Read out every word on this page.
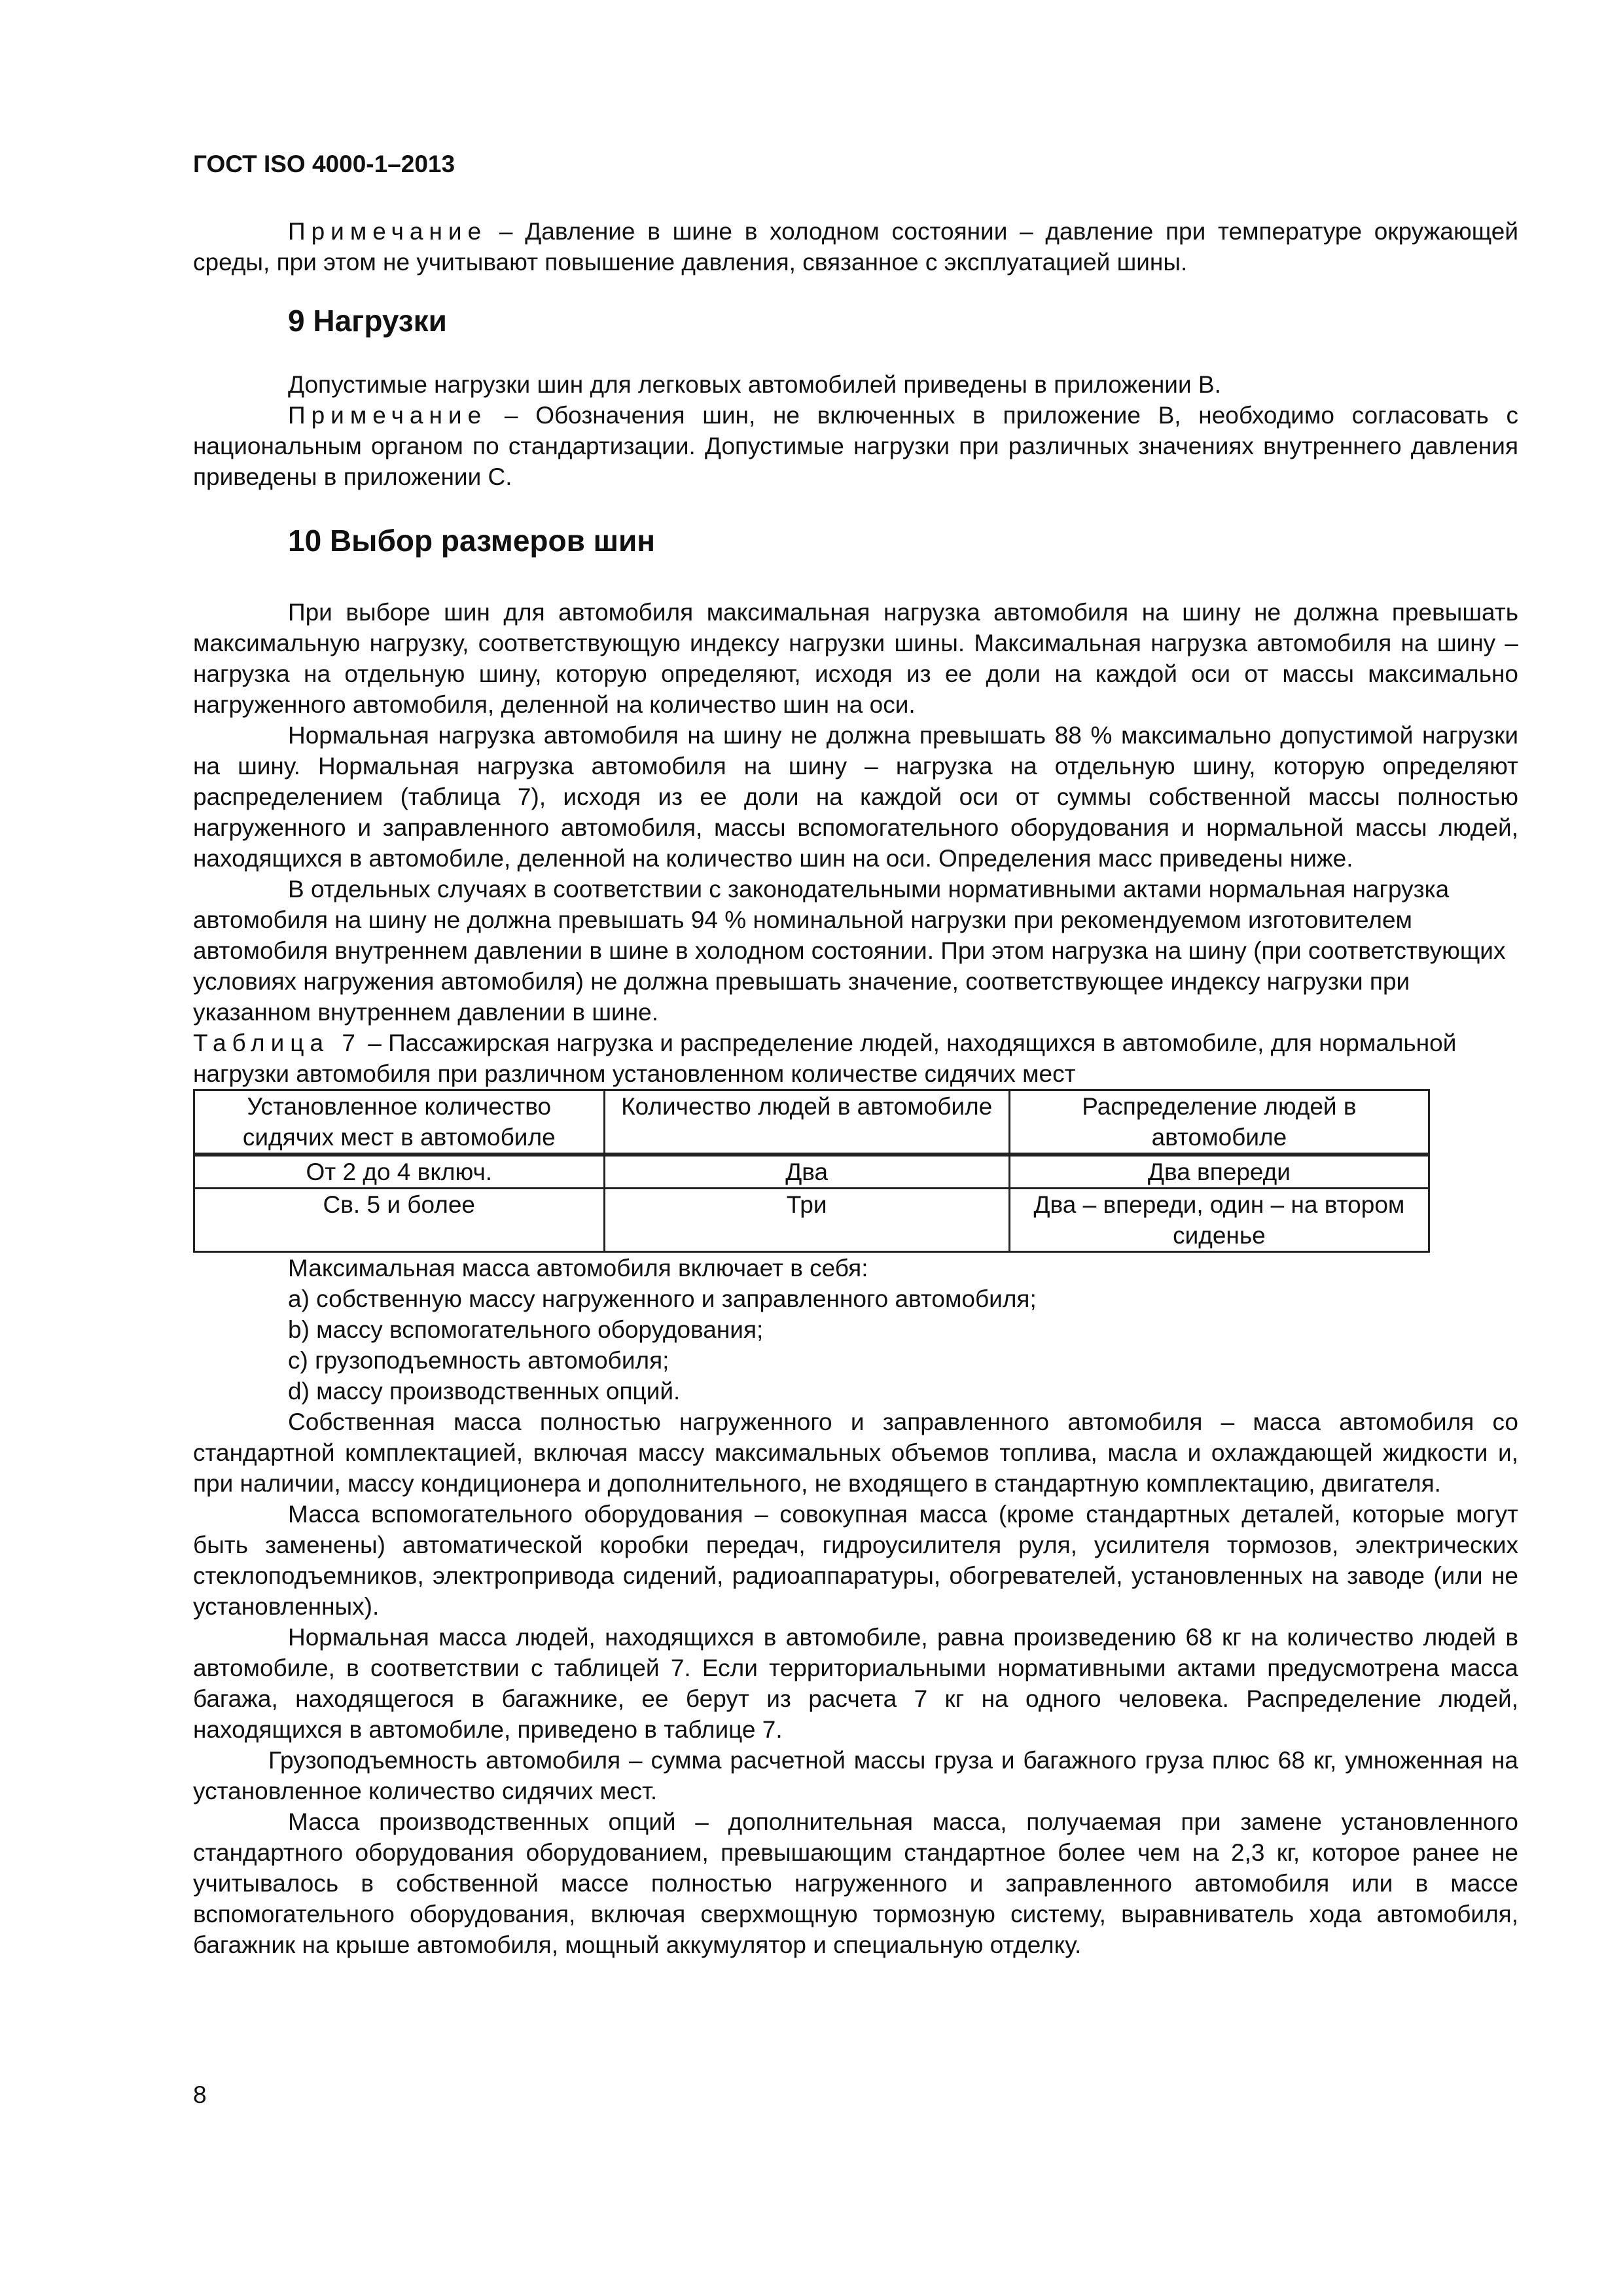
ГОСТ ISO 4000-1–2013

Примечание – Давление в шине в холодном состоянии – давление при температуре окружающей среды, при этом не учитывают повышение давления, связанное с эксплуатацией шины.

9 Нагрузки

Допустимые нагрузки шин для легковых автомобилей приведены в приложении В.

Примечание – Обозначения шин, не включенных в приложение В, необходимо согласовать с национальным органом по стандартизации. Допустимые нагрузки при различных значениях внутреннего давления приведены в приложении С.

10 Выбор размеров шин

При выборе шин для автомобиля максимальная нагрузка автомобиля на шину не должна превышать максимальную нагрузку, соответствующую индексу нагрузки шины. Максимальная нагрузка автомобиля на шину – нагрузка на отдельную шину, которую определяют, исходя из ее доли на каждой оси от массы максимально нагруженного автомобиля, деленной на количество шин на оси.

Нормальная нагрузка автомобиля на шину не должна превышать 88 % максимально допустимой нагрузки на шину. Нормальная нагрузка автомобиля на шину – нагрузка на отдельную шину, которую определяют распределением (таблица 7), исходя из ее доли на каждой оси от суммы собственной массы полностью нагруженного и заправленного автомобиля, массы вспомогательного оборудования и нормальной массы людей, находящихся в автомобиле, деленной на количество шин на оси. Определения масс приведены ниже.

В отдельных случаях в соответствии с законодательными нормативными актами нормальная нагрузка автомобиля на шину не должна превышать 94 % номинальной нагрузки при рекомендуемом изготовителем автомобиля внутреннем давлении в шине в холодном состоянии. При этом нагрузка на шину (при соответствующих условиях нагружения автомобиля) не должна превышать значение, соответствующее индексу нагрузки при указанном внутреннем давлении в шине.

Таблица 7 – Пассажирская нагрузка и распределение людей, находящихся в автомобиле, для нормальной нагрузки автомобиля при различном установленном количестве сидячих мест

Установленное количество сидячих мест в автомобиле	Количество людей в автомобиле	Распределение людей в автомобиле
От 2 до 4 включ.	Два	Два впереди
Св. 5 и более	Три	Два – впереди, один – на втором сиденье

Максимальная масса автомобиля включает в себя:

a) собственную массу нагруженного и заправленного автомобиля;

b) массу вспомогательного оборудования;

c) грузоподъемность автомобиля;

d) массу производственных опций.

Собственная масса полностью нагруженного и заправленного автомобиля – масса автомобиля со стандартной комплектацией, включая массу максимальных объемов топлива, масла и охлаждающей жидкости и, при наличии, массу кондиционера и дополнительного, не входящего в стандартную комплектацию, двигателя.

Масса вспомогательного оборудования – совокупная масса (кроме стандартных деталей, которые могут быть заменены) автоматической коробки передач, гидроусилителя руля, усилителя тормозов, электрических стеклоподъемников, электропривода сидений, радиоаппаратуры, обогревателей, установленных на заводе (или не установленных).

Нормальная масса людей, находящихся в автомобиле, равна произведению 68 кг на количество людей в автомобиле, в соответствии с таблицей 7. Если территориальными нормативными актами предусмотрена масса багажа, находящегося в багажнике, ее берут из расчета 7 кг на одного человека. Распределение людей, находящихся в автомобиле, приведено в таблице 7.

Грузоподъемность автомобиля – сумма расчетной массы груза и багажного груза плюс 68 кг, умноженная на установленное количество сидячих мест.

Масса производственных опций – дополнительная масса, получаемая при замене установленного стандартного оборудования оборудованием, превышающим стандартное более чем на 2,3 кг, которое ранее не учитывалось в собственной массе полностью нагруженного и заправленного автомобиля или в массе вспомогательного оборудования, включая сверхмощную тормозную систему, выравниватель хода автомобиля, багажник на крыше автомобиля, мощный аккумулятор и специальную отделку.

8
